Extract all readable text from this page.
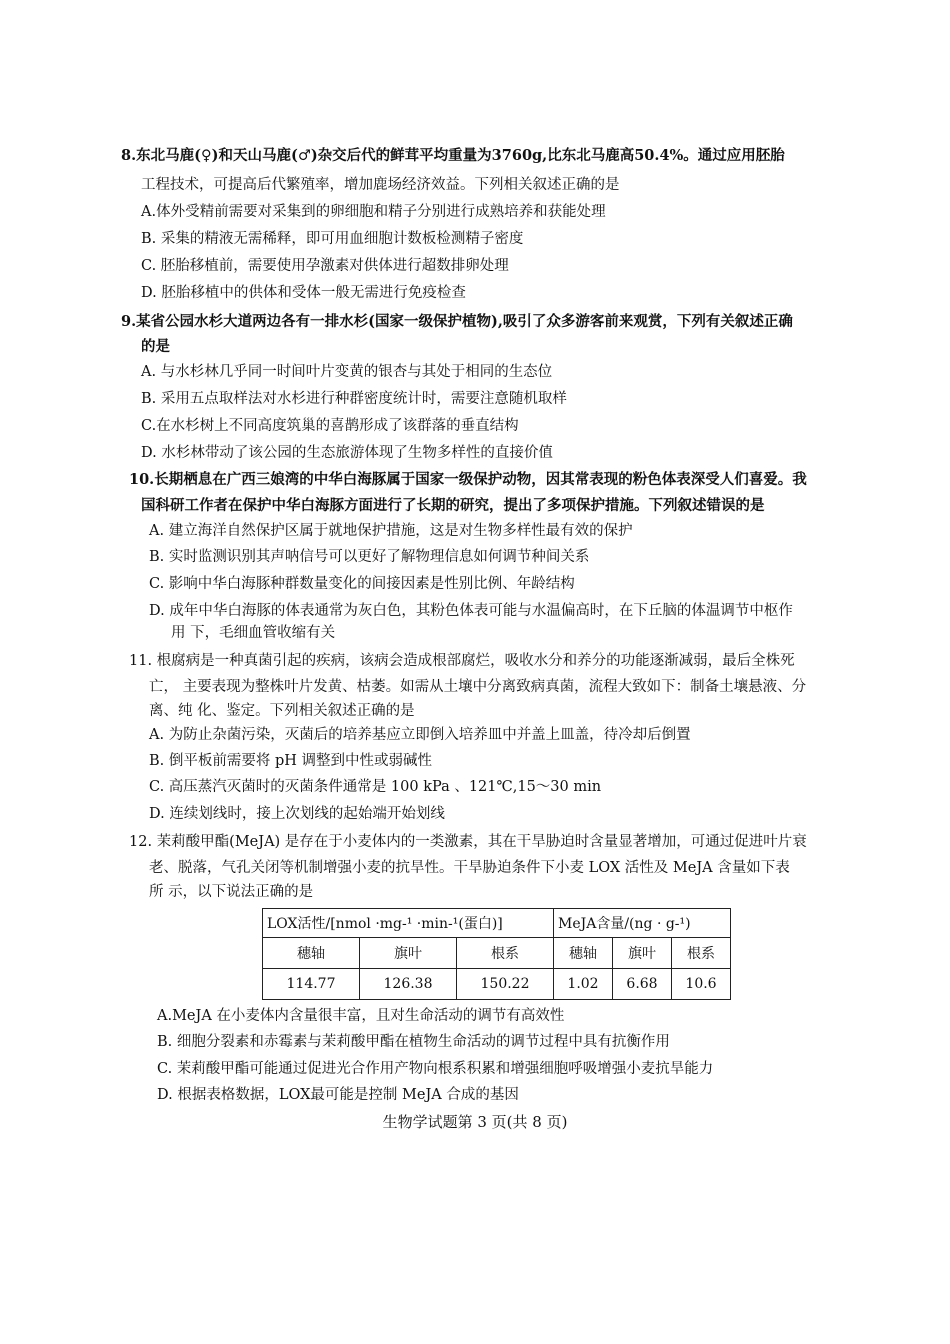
8.东北马鹿(♀)和天山马鹿(♂)杂交后代的鲜茸平均重量为3760g,比东北马鹿高50.4%。通过应用胚胎
工程技术，可提高后代繁殖率，增加鹿场经济效益。下列相关叙述正确的是
A.体外受精前需要对采集到的卵细胞和精子分别进行成熟培养和获能处理
B. 采集的精液无需稀释，即可用血细胞计数板检测精子密度
C. 胚胎移植前，需要使用孕激素对供体进行超数排卵处理
D. 胚胎移植中的供体和受体一般无需进行免疫检查
9.某省公园水杉大道两边各有一排水杉(国家一级保护植物),吸引了众多游客前来观赏，下列有关叙述正确
的是
A. 与水杉林几乎同一时间叶片变黄的银杏与其处于相同的生态位
B. 采用五点取样法对水杉进行种群密度统计时，需要注意随机取样
C.在水杉树上不同高度筑巢的喜鹊形成了该群落的垂直结构
D. 水杉林带动了该公园的生态旅游体现了生物多样性的直接价值
10.长期栖息在广西三娘湾的中华白海豚属于国家一级保护动物，因其常表现的粉色体表深受人们喜爱。我
国科研工作者在保护中华白海豚方面进行了长期的研究，提出了多项保护措施。下列叙述错误的是
A. 建立海洋自然保护区属于就地保护措施，这是对生物多样性最有效的保护
B. 实时监测识别其声呐信号可以更好了解物理信息如何调节种间关系
C. 影响中华白海豚种群数量变化的间接因素是性别比例、年龄结构
D. 成年中华白海豚的体表通常为灰白色，其粉色体表可能与水温偏高时，在下丘脑的体温调节中枢作
用 下，毛细血管收缩有关
11. 根腐病是一种真菌引起的疾病，该病会造成根部腐烂，吸收水分和养分的功能逐渐减弱，最后全株死
亡， 主要表现为整株叶片发黄、枯萎。如需从土壤中分离致病真菌，流程大致如下：制备土壤悬液、分
离、纯 化、鉴定。下列相关叙述正确的是
A. 为防止杂菌污染，灭菌后的培养基应立即倒入培养皿中并盖上皿盖，待冷却后倒置
B. 倒平板前需要将 pH 调整到中性或弱碱性
C. 高压蒸汽灭菌时的灭菌条件通常是 100 kPa 、121℃,15～30 min
D. 连续划线时，接上次划线的起始端开始划线
12. 茉莉酸甲酯(MeJA) 是存在于小麦体内的一类激素，其在干旱胁迫时含量显著增加，可通过促进叶片衰
老、脱落，气孔关闭等机制增强小麦的抗旱性。干旱胁迫条件下小麦 LOX 活性及 MeJA 含量如下表
所 示，以下说法正确的是
LOX活性/[nmol ·mg-¹ ·min-¹(蛋白)]			MeJA含量/(ng · g-¹)		
穗轴	旗叶	根系	穗轴	旗叶	根系
114.77	126.38	150.22	1.02	6.68	10.6
A.MeJA 在小麦体内含量很丰富，且对生命活动的调节有高效性
B. 细胞分裂素和赤霉素与茉莉酸甲酯在植物生命活动的调节过程中具有抗衡作用
C. 茉莉酸甲酯可能通过促进光合作用产物向根系积累和增强细胞呼吸增强小麦抗旱能力
D. 根据表格数据，LOX最可能是控制 MeJA 合成的基因
生物学试题第 3 页(共 8 页)
